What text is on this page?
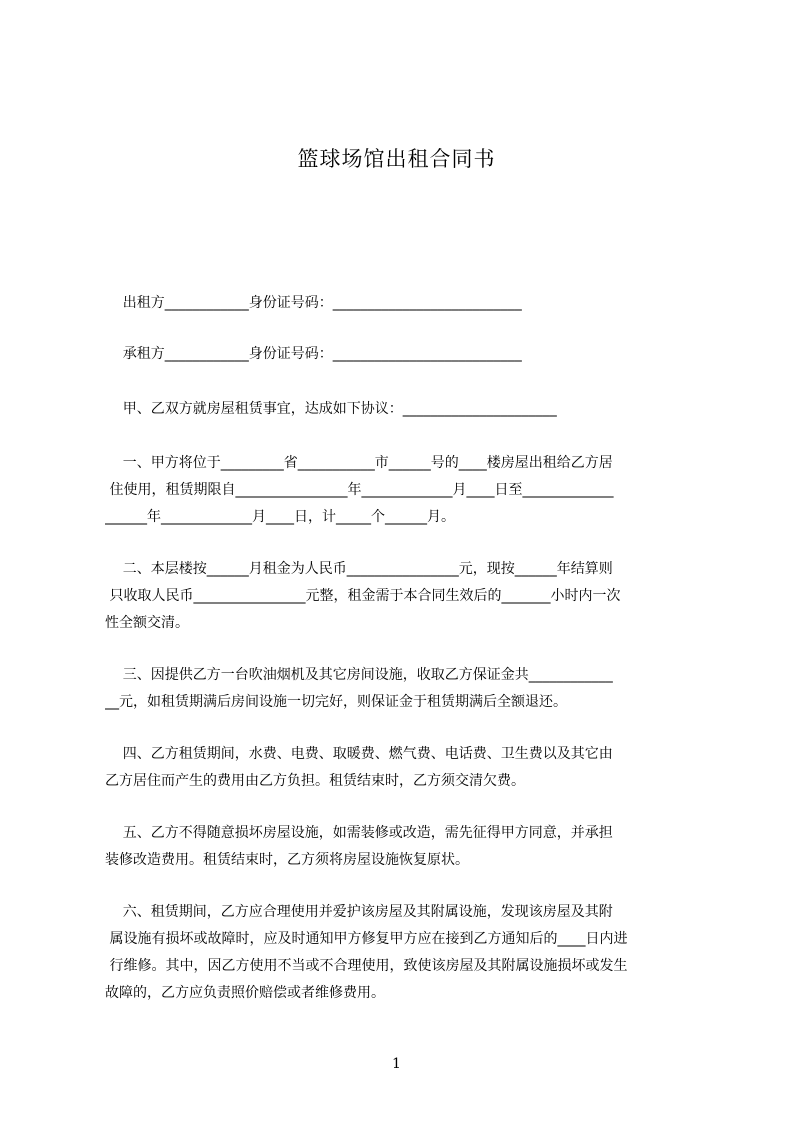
篮球场馆出租合同书
出租方____________身份证号码：___________________________
承租方____________身份证号码：___________________________
甲、乙双方就房屋租赁事宜，达成如下协议：______________________
一、甲方将位于_________省___________市______号的____楼房屋出租给乙方居
住使用，租赁期限自________________年_____________月____日至_____________
______年_____________月____日，计_____个______月。
二、本层楼按______月租金为人民币________________元，现按______年结算则
只收取人民币________________元整，租金需于本合同生效后的_______小时内一次
性全额交清。
三、因提供乙方一台吹油烟机及其它房间设施，收取乙方保证金共____________
__元，如租赁期满后房间设施一切完好，则保证金于租赁期满后全额退还。
四、乙方租赁期间，水费、电费、取暖费、燃气费、电话费、卫生费以及其它由
乙方居住而产生的费用由乙方负担。租赁结束时，乙方须交清欠费。
五、乙方不得随意损坏房屋设施，如需装修或改造，需先征得甲方同意，并承担
装修改造费用。租赁结束时，乙方须将房屋设施恢复原状。
六、租赁期间，乙方应合理使用并爱护该房屋及其附属设施，发现该房屋及其附
属设施有损坏或故障时，应及时通知甲方修复甲方应在接到乙方通知后的____日内进
行维修。其中，因乙方使用不当或不合理使用，致使该房屋及其附属设施损坏或发生
故障的，乙方应负责照价赔偿或者维修费用。
1
